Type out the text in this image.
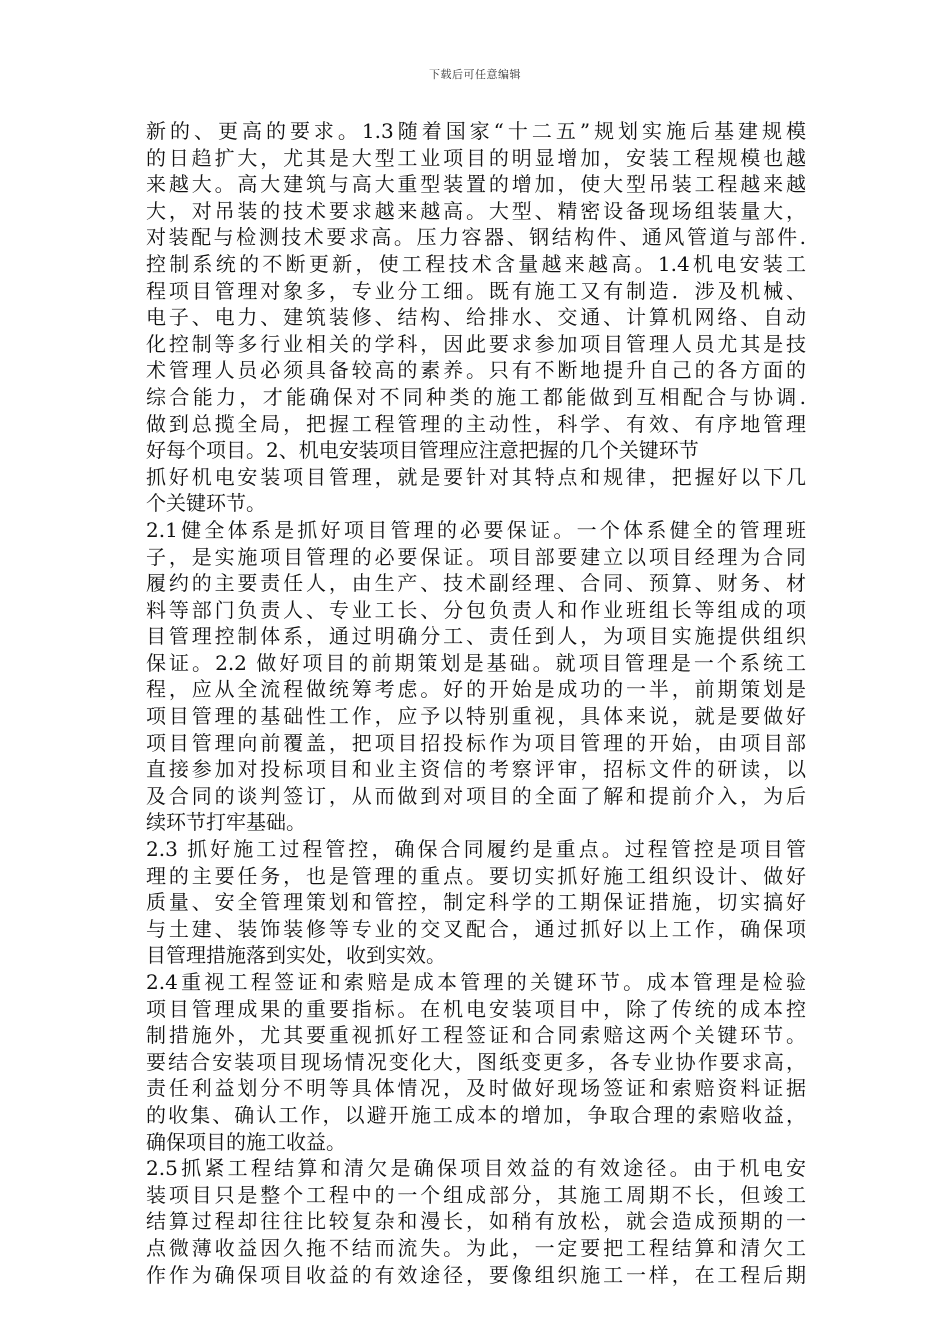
下载后可任意编辑
新的、更高的要求。1.3随着国家“十二五”规划实施后基建规模
的日趋扩大，尤其是大型工业项目的明显增加，安装工程规模也越
来越大。高大建筑与高大重型装置的增加，使大型吊装工程越来越
大，对吊装的技术要求越来越高。大型、精密设备现场组装量大，
对装配与检测技术要求高。压力容器、钢结构件、通风管道与部件.
控制系统的不断更新，使工程技术含量越来越高。1.4机电安装工
程项目管理对象多，专业分工细。既有施工又有制造．涉及机械、
电子、电力、建筑装修、结构、给排水、交通、计算机网络、自动
化控制等多行业相关的学科，因此要求参加项目管理人员尤其是技
术管理人员必须具备较高的素养。只有不断地提升自己的各方面的
综合能力，才能确保对不同种类的施工都能做到互相配合与协调.
做到总揽全局，把握工程管理的主动性，科学、有效、有序地管理
好每个项目。2、机电安装项目管理应注意把握的几个关键环节
抓好机电安装项目管理，就是要针对其特点和规律，把握好以下几
个关键环节。
2.1健全体系是抓好项目管理的必要保证。一个体系健全的管理班
子，是实施项目管理的必要保证。项目部要建立以项目经理为合同
履约的主要责任人，由生产、技术副经理、合同、预算、财务、材
料等部门负责人、专业工长、分包负责人和作业班组长等组成的项
目管理控制体系，通过明确分工、责任到人，为项目实施提供组织
保证。2.2 做好项目的前期策划是基础。就项目管理是一个系统工
程，应从全流程做统筹考虑。好的开始是成功的一半，前期策划是
项目管理的基础性工作，应予以特别重视，具体来说，就是要做好
项目管理向前覆盖，把项目招投标作为项目管理的开始，由项目部
直接参加对投标项目和业主资信的考察评审，招标文件的研读，以
及合同的谈判签订，从而做到对项目的全面了解和提前介入，为后
续环节打牢基础。
2.3 抓好施工过程管控，确保合同履约是重点。过程管控是项目管
理的主要任务，也是管理的重点。要切实抓好施工组织设计、做好
质量、安全管理策划和管控，制定科学的工期保证措施，切实搞好
与土建、装饰装修等专业的交叉配合，通过抓好以上工作，确保项
目管理措施落到实处，收到实效。
2.4重视工程签证和索赔是成本管理的关键环节。成本管理是检验
项目管理成果的重要指标。在机电安装项目中，除了传统的成本控
制措施外，尤其要重视抓好工程签证和合同索赔这两个关键环节。
要结合安装项目现场情况变化大，图纸变更多，各专业协作要求高，
责任利益划分不明等具体情况，及时做好现场签证和索赔资料证据
的收集、确认工作，以避开施工成本的增加，争取合理的索赔收益，
确保项目的施工收益。
2.5抓紧工程结算和清欠是确保项目效益的有效途径。由于机电安
装项目只是整个工程中的一个组成部分，其施工周期不长，但竣工
结算过程却往往比较复杂和漫长，如稍有放松，就会造成预期的一
点微薄收益因久拖不结而流失。为此，一定要把工程结算和清欠工
作作为确保项目收益的有效途径，要像组织施工一样，在工程后期
